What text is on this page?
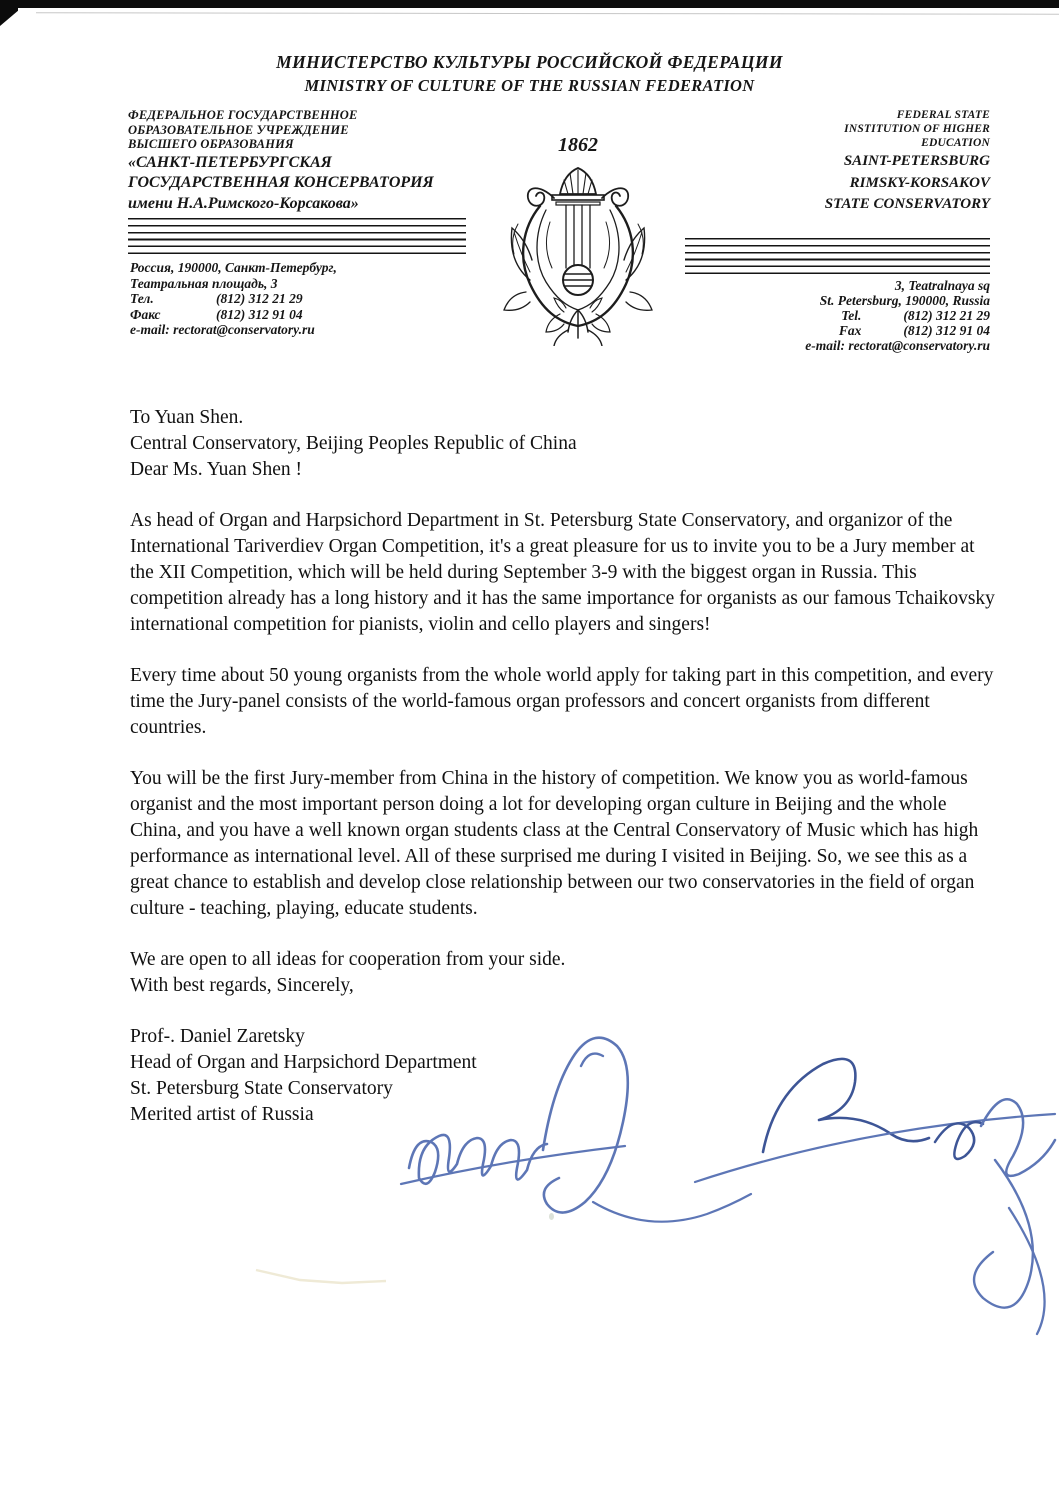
МИНИСТЕРСТВО КУЛЬТУРЫ РОССИЙСКОЙ ФЕДЕРАЦИИ
MINISTRY OF CULTURE OF THE RUSSIAN FEDERATION
ФЕДЕРАЛЬНОЕ ГОСУДАРСТВЕННОЕ
ОБРАЗОВАТЕЛЬНОЕ УЧРЕЖДЕНИЕ
ВЫСШЕГО ОБРАЗОВАНИЯ
«САНКТ-ПЕТЕРБУРГСКАЯ
ГОСУДАРСТВЕННАЯ КОНСЕРВАТОРИЯ
имени Н.А.Римского-Корсакова»
FEDERAL STATE
INSTITUTION OF HIGHER
EDUCATION
SAINT-PETERSBURG
RIMSKY-KORSAKOV
STATE CONSERVATORY
Россия, 190000, Санкт-Петербург,
Театральная площадь, 3
Тел.	(812) 312 21 29
Факс	(812) 312 91 04
e-mail: rectorat@conservatory.ru
3, Teatralnaya sq
St. Petersburg, 190000, Russia
Tel.	(812) 312 21 29
Fax	(812) 312 91 04
e-mail: rectorat@conservatory.ru
1862
To Yuan Shen.
Central Conservatory, Beijing Peoples Republic of China
Dear Ms. Yuan Shen !

As head of Organ and Harpsichord Department in St. Petersburg State Conservatory, and organizor of the International Tariverdiev Organ Competition, it's a great pleasure for us to invite you to be a Jury member at the XII Competition, which will be held during September 3-9 with the biggest organ in Russia. This competition already has a long history and it has the same importance for organists as our famous Tchaikovsky international competition for pianists, violin and cello players and singers!

Every time about 50 young organists from the whole world apply for taking part in this competition, and every time the Jury-panel consists of the world-famous organ professors and concert organists from different countries.

You will be the first Jury-member from China in the history of competition. We know you as world-famous organist and the most important person doing a lot for developing organ culture in Beijing and the whole China, and you have a well known organ students class at the Central Conservatory of Music which has high performance as international level. All of these surprised me during I visited in Beijing. So, we see this as a great chance to establish and develop close relationship between our two conservatories in the field of organ culture - teaching, playing, educate students.

We are open to all ideas for cooperation from your side.
With best regards, Sincerely,
Prof-. Daniel Zaretsky
Head of Organ and Harpsichord Department
St. Petersburg State Conservatory
Merited artist of Russia
